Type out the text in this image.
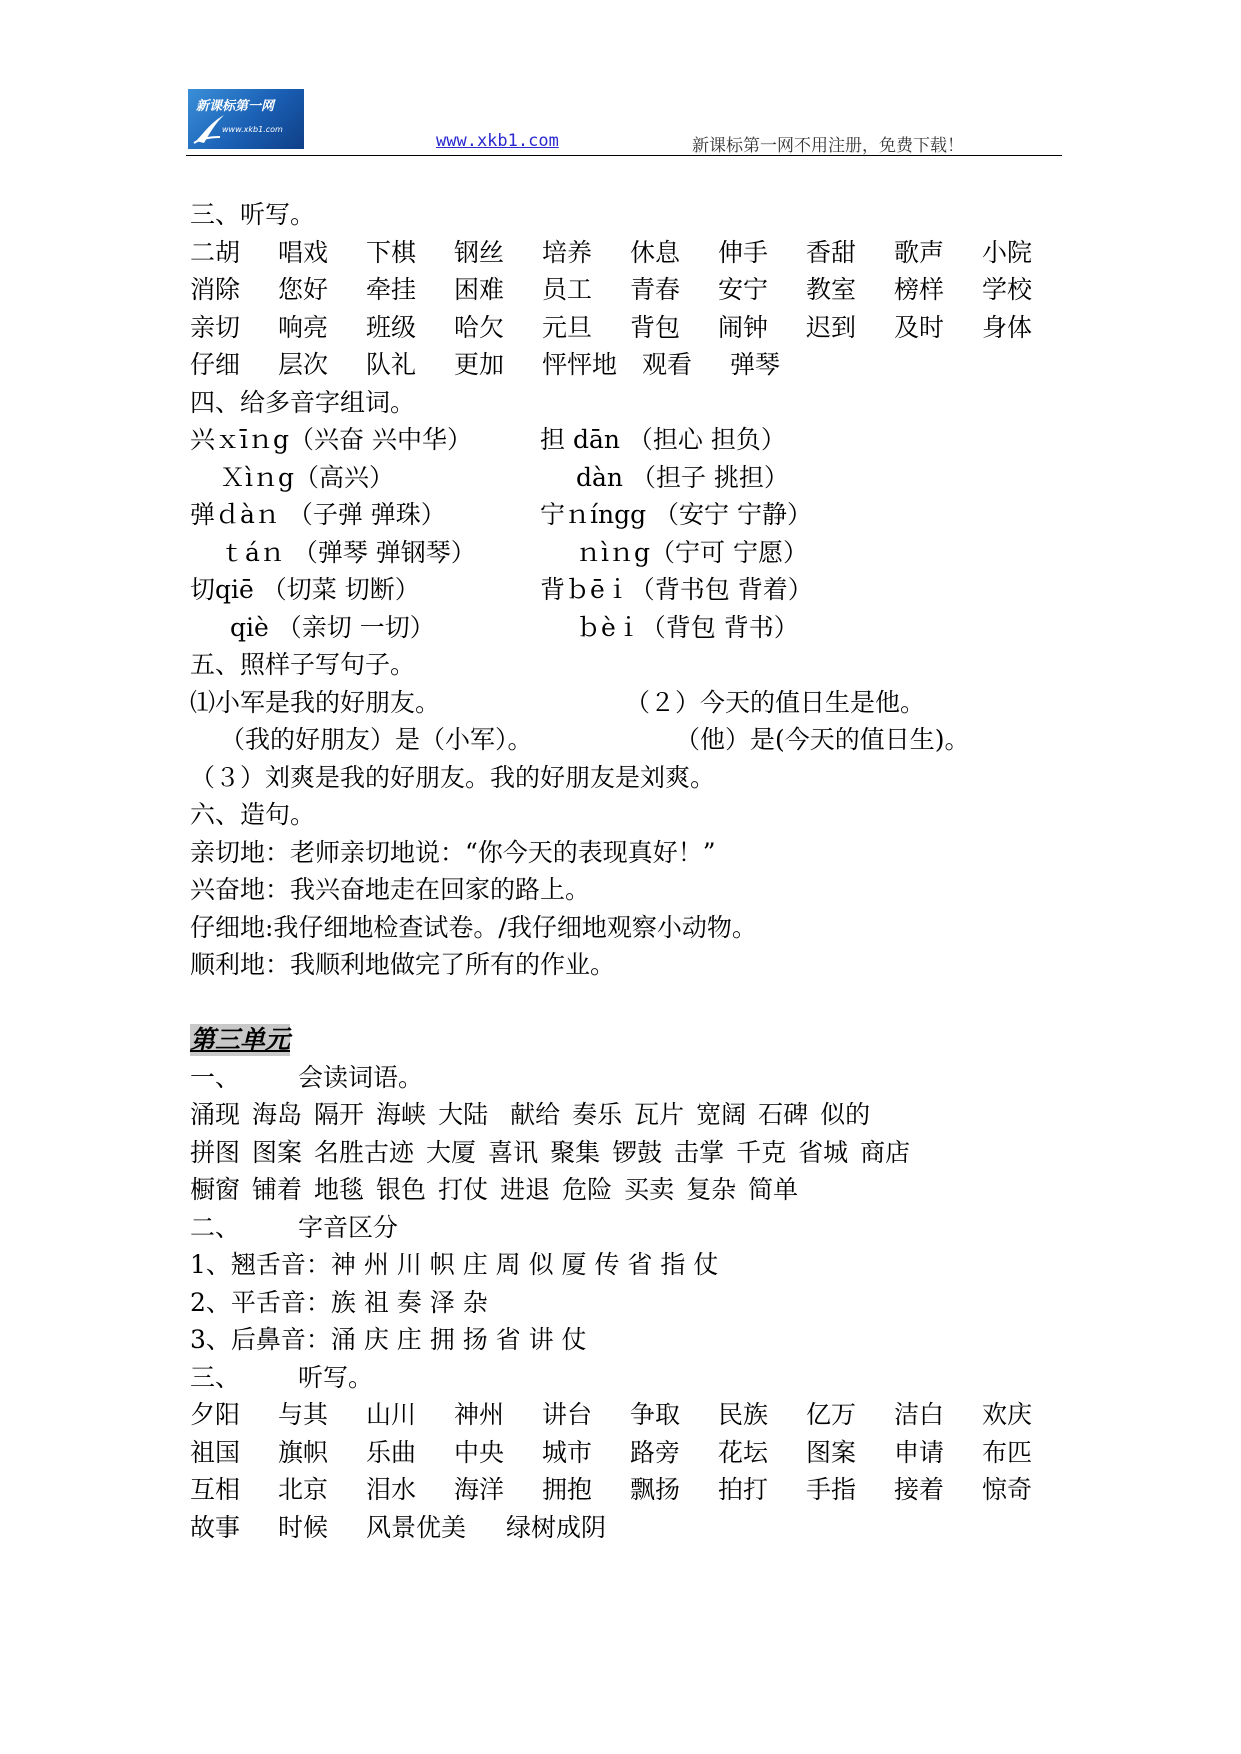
新课标第一网
www.xkb1.com
www.xkb1.com	新课标第一网不用注册，免费下载！
三、听写。
二胡	唱戏	下棋	钢丝	培养	休息	伸手	香甜	歌声	小院
消除	您好	牵挂	困难	员工	青春	安宁	教室	榜样	学校
亲切	响亮	班级	哈欠	元旦	背包	闹钟	迟到	及时	身体
仔细	层次	队礼	更加	怦怦地 观看	弹琴
四、给多音字组词。
兴ｘīｎg（兴奋 兴中华）	担 dān （担心 担负）
Ｘìｎg（高兴）	dàn （担子 挑担）
弹ｄàｎ （子弹 弹珠）	宁ｎíngg （安宁 宁静）
ｔáｎ （弹琴 弹钢琴）	ｎìｎg（宁可 宁愿）
切qiē （切菜 切断）	背ｂēｉ（背书包 背着）
qiè （亲切 一切）	ｂèｉ（背包 背书）
五、照样子写句子。
⑴小军是我的好朋友。	（２）今天的值日生是他。
（我的好朋友）是（小军）。	（他）是(今天的值日生)。
（３）刘爽是我的好朋友。我的好朋友是刘爽。
六、造句。
亲切地：老师亲切地说：“你今天的表现真好！”
兴奋地：我兴奋地走在回家的路上。
仔细地:我仔细地检查试卷。/我仔细地观察小动物。
顺利地：我顺利地做完了所有的作业。
第三单元
一、 会读词语。
涌现 海岛 隔开 海峡 大陆 献给 奏乐 瓦片 宽阔 石碑 似的
拼图 图案 名胜古迹 大厦 喜讯 聚集 锣鼓 击掌 千克 省城 商店
橱窗 铺着 地毯 银色 打仗 进退 危险 买卖 复杂 简单
二、 字音区分
1、翘舌音：神 州 川 帜 庄 周 似 厦 传 省 指 仗
2、平舌音：族 祖 奏 泽 杂
3、后鼻音：涌 庆 庄 拥 扬 省 讲 仗
三、 听写。
夕阳	与其	山川	神州	讲台	争取	民族	亿万	洁白	欢庆
祖国	旗帜	乐曲	中央	城市	路旁	花坛	图案	申请	布匹
互相	北京	泪水	海洋	拥抱	飘扬	拍打	手指	接着	惊奇
故事	时候	风景优美	绿树成阴
